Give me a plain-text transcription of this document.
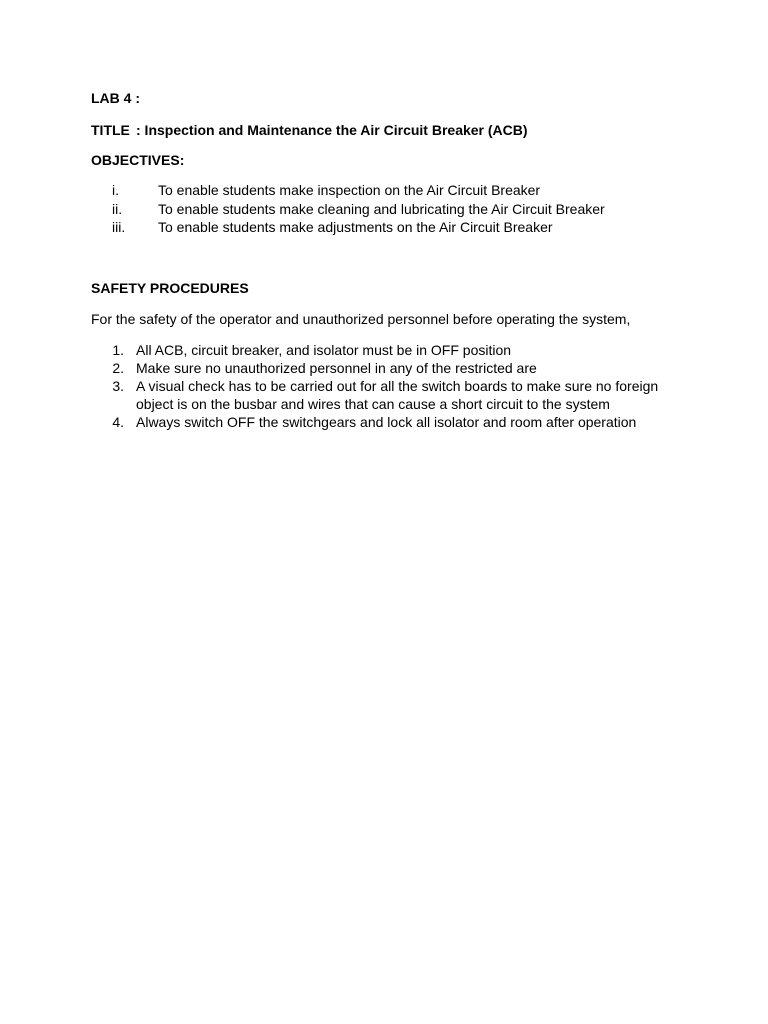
LAB 4 :
TITLE : Inspection and Maintenance the Air Circuit Breaker (ACB)
OBJECTIVES:
i.	To enable students make inspection on the Air Circuit Breaker
ii.	To enable students make cleaning and lubricating the Air Circuit Breaker
iii. To enable students make adjustments on the Air Circuit Breaker
SAFETY PROCEDURES
For the safety of the operator and unauthorized personnel before operating the system,
1. All ACB, circuit breaker, and isolator must be in OFF position
2. Make sure no unauthorized personnel in any of the restricted are
3. A visual check has to be carried out for all the switch boards to make sure no foreign
object is on the busbar and wires that can cause a short circuit to the system
4. Always switch OFF the switchgears and lock all isolator and room after operation
